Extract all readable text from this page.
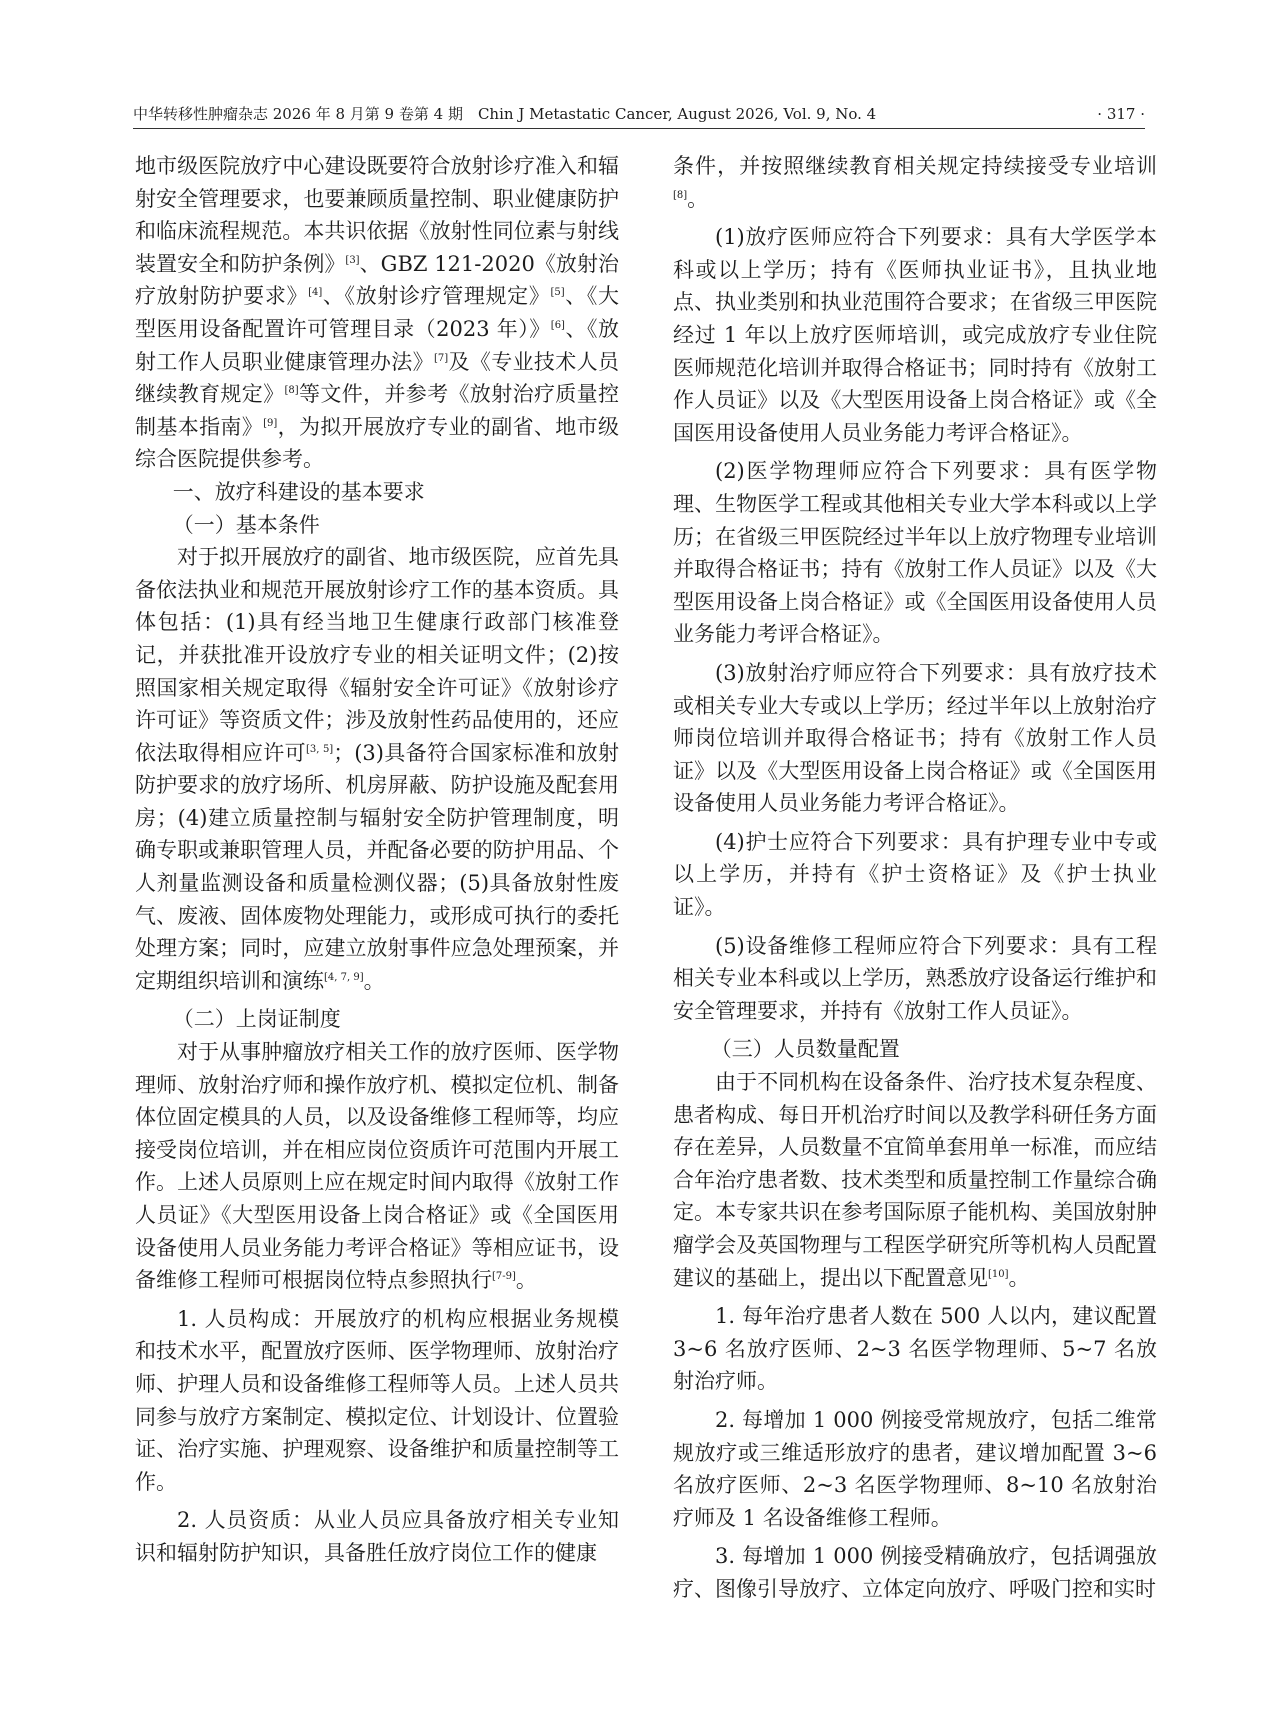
中华转移性肿瘤杂志 2026 年 8 月第 9 卷第 4 期　Chin J Metastatic Cancer, August 2026, Vol. 9, No. 4	· 317 ·

地市级医院放疗中心建设既要符合放射诊疗准入和辐射安全管理要求，也要兼顾质量控制、职业健康防护和临床流程规范。本共识依据《放射性同位素与射线装置安全和防护条例》[3]、GBZ 121-2020《放射治疗放射防护要求》[4]、《放射诊疗管理规定》[5]、《大型医用设备配置许可管理目录（2023 年）》[6]、《放射工作人员职业健康管理办法》[7]及《专业技术人员继续教育规定》[8]等文件，并参考《放射治疗质量控制基本指南》[9]，为拟开展放疗专业的副省、地市级综合医院提供参考。

一、放疗科建设的基本要求

（一）基本条件

对于拟开展放疗的副省、地市级医院，应首先具备依法执业和规范开展放射诊疗工作的基本资质。具体包括：(1)具有经当地卫生健康行政部门核准登记，并获批准开设放疗专业的相关证明文件；(2)按照国家相关规定取得《辐射安全许可证》《放射诊疗许可证》等资质文件；涉及放射性药品使用的，还应依法取得相应许可[3, 5]；(3)具备符合国家标准和放射防护要求的放疗场所、机房屏蔽、防护设施及配套用房；(4)建立质量控制与辐射安全防护管理制度，明确专职或兼职管理人员，并配备必要的防护用品、个人剂量监测设备和质量检测仪器；(5)具备放射性废气、废液、固体废物处理能力，或形成可执行的委托处理方案；同时，应建立放射事件应急处理预案，并定期组织培训和演练[4, 7, 9]。

（二）上岗证制度

对于从事肿瘤放疗相关工作的放疗医师、医学物理师、放射治疗师和操作放疗机、模拟定位机、制备体位固定模具的人员，以及设备维修工程师等，均应接受岗位培训，并在相应岗位资质许可范围内开展工作。上述人员原则上应在规定时间内取得《放射工作人员证》《大型医用设备上岗合格证》或《全国医用设备使用人员业务能力考评合格证》等相应证书，设备维修工程师可根据岗位特点参照执行[7-9]。

1. 人员构成：开展放疗的机构应根据业务规模和技术水平，配置放疗医师、医学物理师、放射治疗师、护理人员和设备维修工程师等人员。上述人员共同参与放疗方案制定、模拟定位、计划设计、位置验证、治疗实施、护理观察、设备维护和质量控制等工作。

2. 人员资质：从业人员应具备放疗相关专业知识和辐射防护知识，具备胜任放疗岗位工作的健康

条件，并按照继续教育相关规定持续接受专业培训[8]。

(1)放疗医师应符合下列要求：具有大学医学本科或以上学历；持有《医师执业证书》，且执业地点、执业类别和执业范围符合要求；在省级三甲医院经过 1 年以上放疗医师培训，或完成放疗专业住院医师规范化培训并取得合格证书；同时持有《放射工作人员证》以及《大型医用设备上岗合格证》或《全国医用设备使用人员业务能力考评合格证》。

(2)医学物理师应符合下列要求：具有医学物理、生物医学工程或其他相关专业大学本科或以上学历；在省级三甲医院经过半年以上放疗物理专业培训并取得合格证书；持有《放射工作人员证》以及《大型医用设备上岗合格证》或《全国医用设备使用人员业务能力考评合格证》。

(3)放射治疗师应符合下列要求：具有放疗技术或相关专业大专或以上学历；经过半年以上放射治疗师岗位培训并取得合格证书；持有《放射工作人员证》以及《大型医用设备上岗合格证》或《全国医用设备使用人员业务能力考评合格证》。

(4)护士应符合下列要求：具有护理专业中专或以上学历，并持有《护士资格证》及《护士执业证》。

(5)设备维修工程师应符合下列要求：具有工程相关专业本科或以上学历，熟悉放疗设备运行维护和安全管理要求，并持有《放射工作人员证》。

（三）人员数量配置

由于不同机构在设备条件、治疗技术复杂程度、患者构成、每日开机治疗时间以及教学科研任务方面存在差异，人员数量不宜简单套用单一标准，而应结合年治疗患者数、技术类型和质量控制工作量综合确定。本专家共识在参考国际原子能机构、美国放射肿瘤学会及英国物理与工程医学研究所等机构人员配置建议的基础上，提出以下配置意见[10]。

1. 每年治疗患者人数在 500 人以内，建议配置 3~6 名放疗医师、2~3 名医学物理师、5~7 名放射治疗师。

2. 每增加 1 000 例接受常规放疗，包括二维常规放疗或三维适形放疗的患者，建议增加配置 3~6 名放疗医师、2~3 名医学物理师、8~10 名放射治疗师及 1 名设备维修工程师。

3. 每增加 1 000 例接受精确放疗，包括调强放疗、图像引导放疗、立体定向放疗、呼吸门控和实时
